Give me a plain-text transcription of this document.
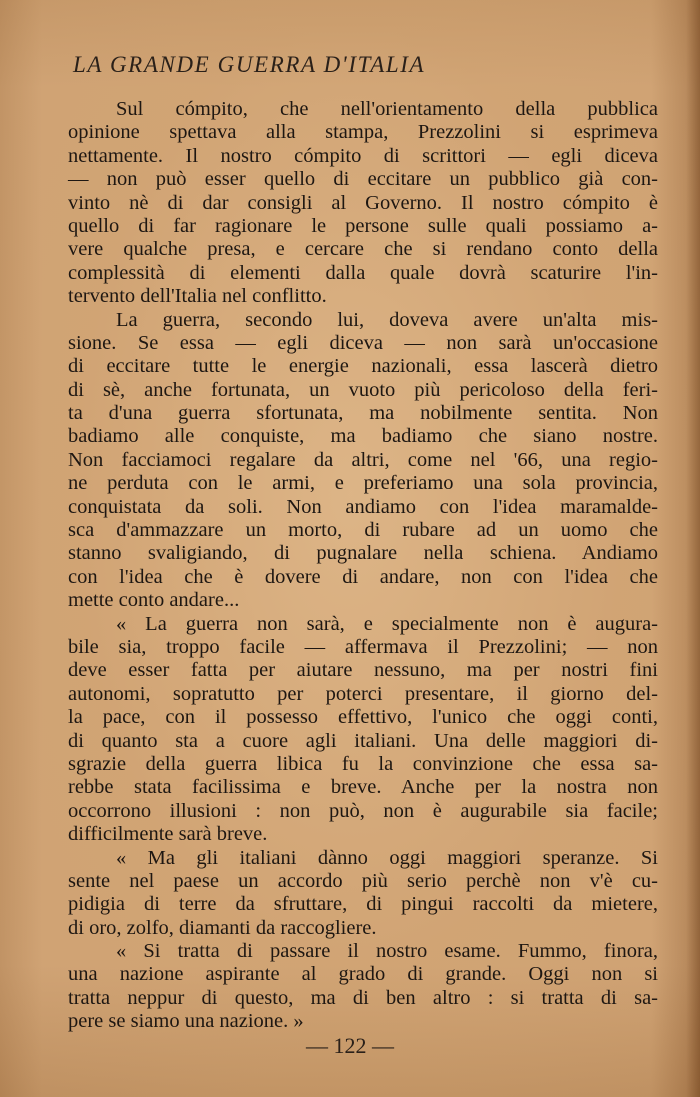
LA GRANDE GUERRA D'ITALIA
Sul cómpito, che nell'orientamento della pubblica
opinione spettava alla stampa, Prezzolini si esprimeva
nettamente. Il nostro cómpito di scrittori — egli diceva
— non può esser quello di eccitare un pubblico già con-
vinto nè di dar consigli al Governo. Il nostro cómpito è
quello di far ragionare le persone sulle quali possiamo a-
vere qualche presa, e cercare che si rendano conto della
complessità di elementi dalla quale dovrà scaturire l'in-
tervento dell'Italia nel conflitto.
La guerra, secondo lui, doveva avere un'alta mis-
sione. Se essa — egli diceva — non sarà un'occasione
di eccitare tutte le energie nazionali, essa lascerà dietro
di sè, anche fortunata, un vuoto più pericoloso della feri-
ta d'una guerra sfortunata, ma nobilmente sentita. Non
badiamo alle conquiste, ma badiamo che siano nostre.
Non facciamoci regalare da altri, come nel '66, una regio-
ne perduta con le armi, e preferiamo una sola provincia,
conquistata da soli. Non andiamo con l'idea maramalde-
sca d'ammazzare un morto, di rubare ad un uomo che
stanno svaligiando, di pugnalare nella schiena. Andiamo
con l'idea che è dovere di andare, non con l'idea che
mette conto andare...
« La guerra non sarà, e specialmente non è augura-
bile sia, troppo facile — affermava il Prezzolini; — non
deve esser fatta per aiutare nessuno, ma per nostri fini
autonomi, sopratutto per poterci presentare, il giorno del-
la pace, con il possesso effettivo, l'unico che oggi conti,
di quanto sta a cuore agli italiani. Una delle maggiori di-
sgrazie della guerra libica fu la convinzione che essa sa-
rebbe stata facilissima e breve. Anche per la nostra non
occorrono illusioni : non può, non è augurabile sia facile;
difficilmente sarà breve.
« Ma gli italiani dànno oggi maggiori speranze. Si
sente nel paese un accordo più serio perchè non v'è cu-
pidigia di terre da sfruttare, di pingui raccolti da mietere,
di oro, zolfo, diamanti da raccogliere.
« Si tratta di passare il nostro esame. Fummo, finora,
una nazione aspirante al grado di grande. Oggi non si
tratta neppur di questo, ma di ben altro : si tratta di sa-
pere se siamo una nazione. »
— 122 —
